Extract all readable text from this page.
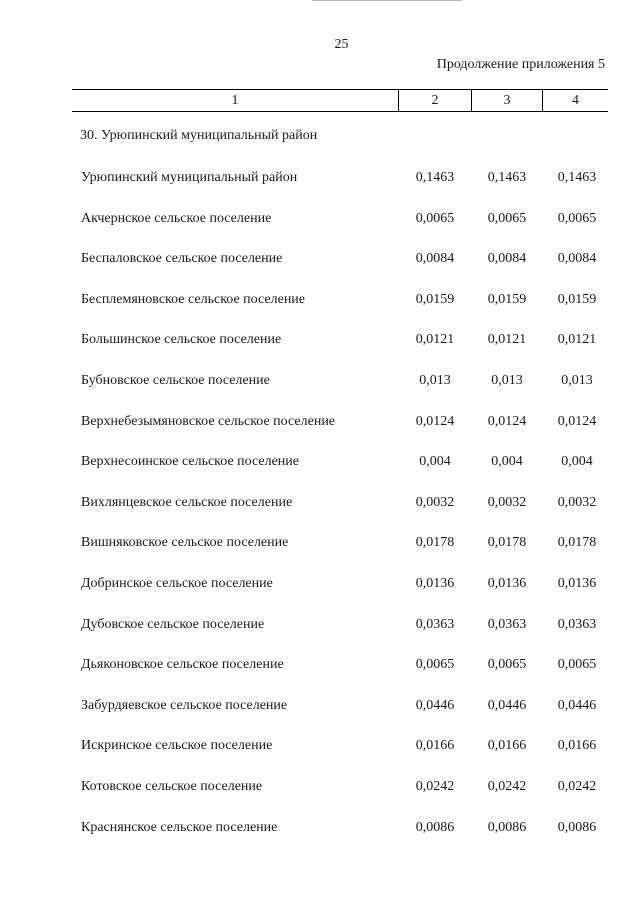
25
Продолжение приложения 5
1	2	3	4
30. Урюпинский муниципальный район
Урюпинский муниципальный район	0,1463	0,1463	0,1463
Акчернское сельское поселение	0,0065	0,0065	0,0065
Беспаловское сельское поселение	0,0084	0,0084	0,0084
Бесплемяновское сельское поселение	0,0159	0,0159	0,0159
Большинское сельское поселение	0,0121	0,0121	0,0121
Бубновское сельское поселение	0,013	0,013	0,013
Верхнебезымяновское сельское поселение	0,0124	0,0124	0,0124
Верхнесоинское сельское поселение	0,004	0,004	0,004
Вихлянцевское сельское поселение	0,0032	0,0032	0,0032
Вишняковское сельское поселение	0,0178	0,0178	0,0178
Добринское сельское поселение	0,0136	0,0136	0,0136
Дубовское сельское поселение	0,0363	0,0363	0,0363
Дьяконовское сельское поселение	0,0065	0,0065	0,0065
Забурдяевское сельское поселение	0,0446	0,0446	0,0446
Искринское сельское поселение	0,0166	0,0166	0,0166
Котовское сельское поселение	0,0242	0,0242	0,0242
Краснянское сельское поселение	0,0086	0,0086	0,0086
